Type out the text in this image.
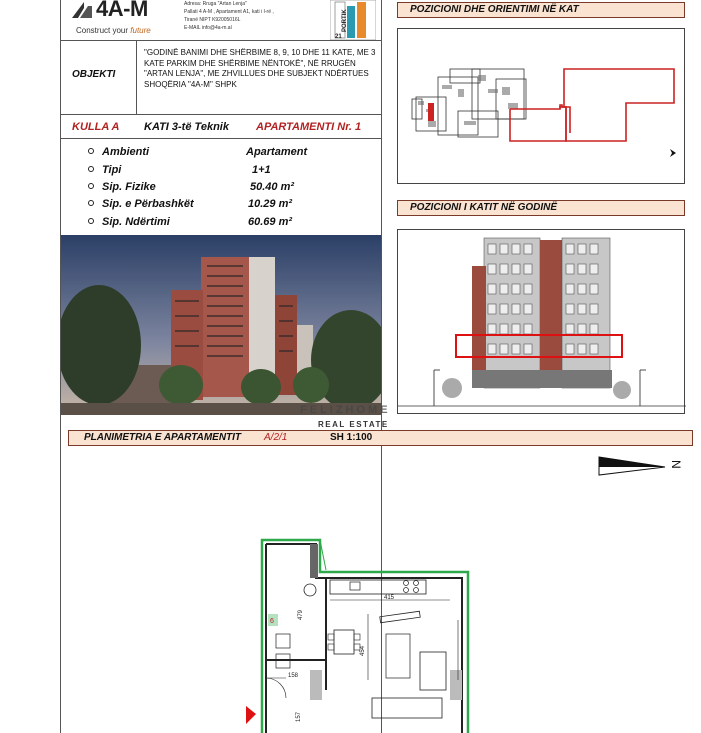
4A-M
Construct your future
Adresa: Rruga "Artan Lenja"
Pallati 4 A-M , Apartament A1, kati i I-rë ,
Tiranë NIPT K92005016L
E-MAIL info@4a-m.al	PORTIK
21
OBJEKTI
"GODINË BANIMI DHE SHËRBIME 8, 9, 10 DHE 11 KATE, ME 3 KATE PARKIM DHE SHËRBIME NËNTOKË", NË RRUGËN "ARTAN LENJA", ME ZHVILLUES DHE SUBJEKT NDËRTUES SHOQËRIA "4A-M" SHPK
KULLA A KATI 3-të Teknik APARTAMENTI Nr. 1
Ambienti	Apartament
Tipi	1+1
Sip. Fizike	50.40 m²
Sip. e Përbashkët	10.29 m²
Sip. Ndërtimi	60.69 m²
FELIZHOME
REAL ESTATE
POZICIONI DHE ORIENTIMI NË KAT
POZICIONI I KATIT NË GODINË
PLANIMETRIA E APARTAMENTIT A/2/1	SH 1:100
N
415
454
479
6
158
157
